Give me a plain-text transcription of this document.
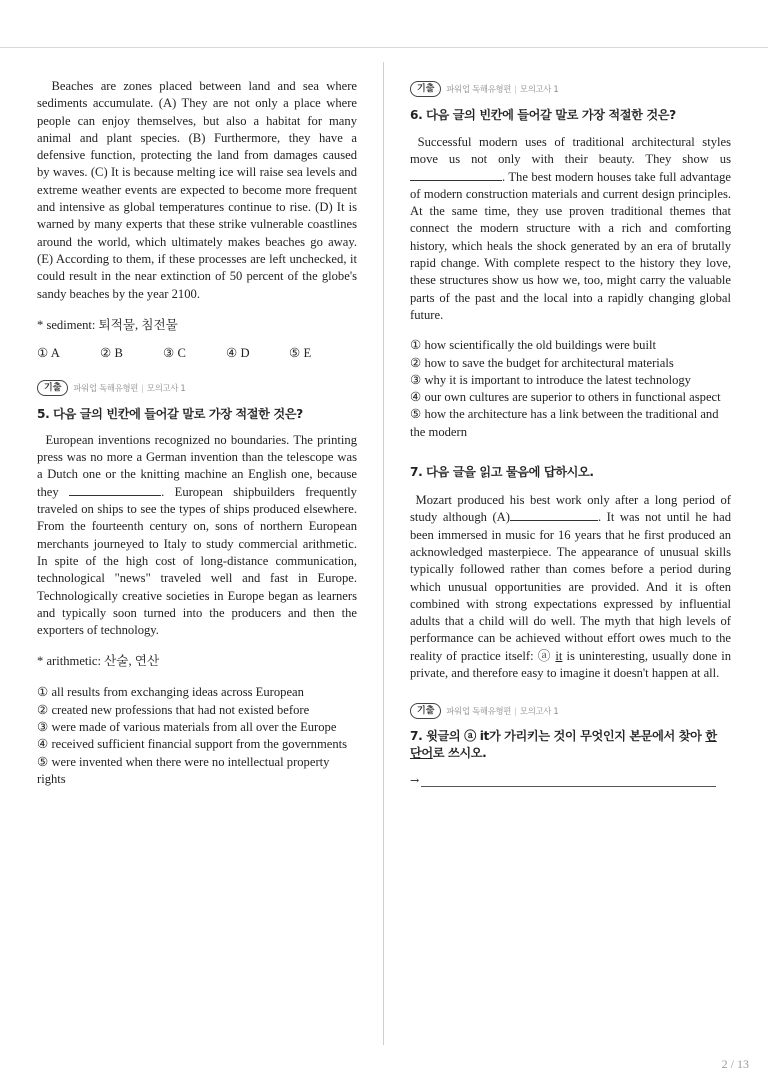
Beaches are zones placed between land and sea where sediments accumulate. (A) They are not only a place where people can enjoy themselves, but also a habitat for many animal and plant species. (B) Furthermore, they have a defensive function, protecting the land from damages caused by waves. (C) It is because melting ice will raise sea levels and extreme weather events are expected to become more frequent and intensive as global temperatures continue to rise. (D) It is warned by many experts that these strike vulnerable coastlines around the world, which ultimately makes beaches go away. (E) According to them, if these processes are left unchecked, it could result in the near extinction of 50 percent of the globe's sandy beaches by the year 2100.

* sediment: 퇴적물, 침전물

① A	② B	③ C	④ D	⑤ E
기출	파워업 독해유형편 | 모의고사 1

5. 다음 글의 빈칸에 들어갈 말로 가장 적절한 것은?

European inventions recognized no boundaries. The printing press was no more a German invention than the telescope was a Dutch one or the knitting machine an English one, because they	. European shipbuilders frequently traveled on ships to see the types of ships produced elsewhere. From the fourteenth century on, sons of northern European merchants journeyed to Italy to study commercial arithmetic. In spite of the high cost of long-distance communication, technological "news" traveled well and fast in Europe. Technologically creative societies in Europe began as learners and typically soon turned into the producers and then the exporters of technology.

* arithmetic: 산술, 연산

① all results from exchanging ideas across European

② created new professions that had not existed before

③ were made of various materials from all over the Europe

④ received sufficient financial support from the governments

⑤ were invented when there were no intellectual property rights

기출	파워업 독해유형편 | 모의고사 1

6. 다음 글의 빈칸에 들어갈 말로 가장 적절한 것은?

Successful modern uses of traditional architectural styles move us not only with their beauty. They show us . The best modern houses take full advantage of modern construction materials and current design principles. At the same time, they use proven traditional themes that connect the modern structure with a rich and comforting history, which heals the shock generated by an era of brutally rapid change. With complete respect to the history they love, these structures show us how we, too, might carry the valuable parts of the past and the local into a rapidly changing global future.

① how scientifically the old buildings were built

② how to save the budget for architectural materials

③ why it is important to introduce the latest technology

④ our own cultures are superior to others in functional aspect

⑤ how the architecture has a link between the traditional and the modern

7. 다음 글을 읽고 물음에 답하시오.

Mozart produced his best work only after a long period of study although (A)	. It was not until he had been immersed in music for 16 years that he first produced an acknowledged masterpiece. The appearance of unusual skills typically followed rather than comes before a period during which unusual opportunities are provided. And it is often combined with strong expectations expressed by influential adults that a child will do well. The myth that high levels of performance can be achieved without effort owes much to the reality of practice itself: ⓐ it is uninteresting, usually done in private, and therefore easy to imagine it doesn't happen at all.

기출	파워업 독해유형편 | 모의고사 1

7. 윗글의 ⓐ it가 가리키는 것이 무엇인지 본문에서 찾아 한 단어로 쓰시오.

→
2 / 13
